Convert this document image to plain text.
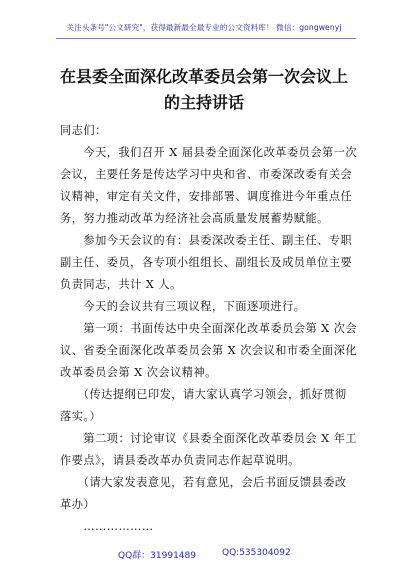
关注头条号"公文研究"，获得最新最全最专业的公文资料库！ 微信：gongwenyj
在县委全面深化改革委员会第一次会议上
的主持讲话
同志们：
　　今天，我们召开 X 届县委全面深化改革委员会第一次
会议，主要任务是传达学习中央和省、市委深改委有关会
议精神，审定有关文件，安排部署、调度推进今年重点任
务，努力推动改革为经济社会高质量发展蓄势赋能。
　　参加今天会议的有：县委深改委主任、副主任、专职
副主任、委员，各专项小组组长、副组长及成员单位主要
负责同志，共计 X 人。
　　今天的会议共有三项议程，下面逐项进行。
　　第一项：书面传达中央全面深化改革委员会第 X 次会
议、省委全面深化改革委员会第 X 次会议和市委全面深化
改革委员会第 X 次会议精神。
　　（传达提纲已印发，请大家认真学习领会，抓好贯彻
落实。）
　　第二项：讨论审议《县委全面深化改革委员会 X 年工
作要点》，请县委改革办负责同志作起草说明。
　　（请大家发表意见，若有意见，会后书面反馈县委改
革办）
　　………………
QQ群：31991489	QQ:535304092
